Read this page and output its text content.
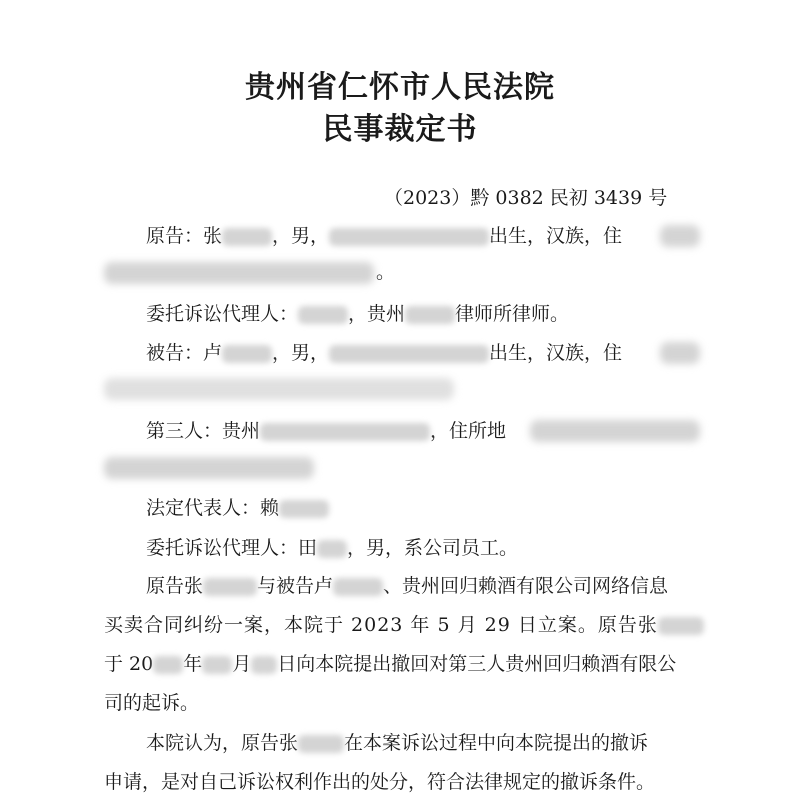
贵州省仁怀市人民法院
民事裁定书
（2023）黔 0382 民初 3439 号
原告：张	，男，	出生，汉族，住
。
委托诉讼代理人：	，贵州	律师所律师。
被告：卢	，男，	出生，汉族，住
第三人：贵州	，住所地
法定代表人：赖
委托诉讼代理人：田 ，男，系公司员工。
原告张	与被告卢	、贵州回归赖酒有限公司网络信息
买卖合同纠纷一案，本院于 2023 年 5 月 29 日立案。原告张
于 20 年 月 日向本院提出撤回对第三人贵州回归赖酒有限公
司的起诉。
本院认为，原告张 在本案诉讼过程中向本院提出的撤诉
申请，是对自己诉讼权利作出的处分，符合法律规定的撤诉条件。
